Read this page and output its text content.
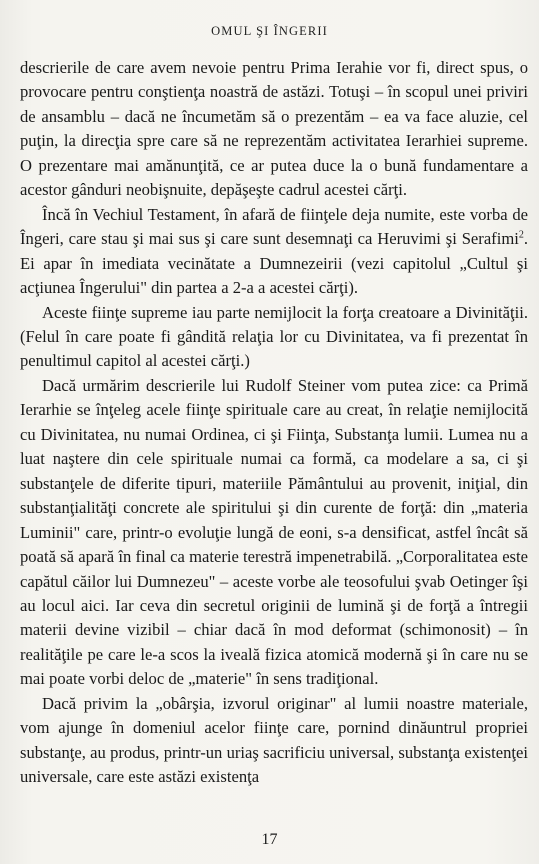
OMUL ŞI ÎNGERII

descrierile de care avem nevoie pentru Prima Ierahie vor fi, direct spus, o provocare pentru conştienţa noastră de astăzi. Totuşi – în scopul unei priviri de ansamblu – dacă ne încumetăm să o prezentăm – ea va face aluzie, cel puţin, la direcţia spre care să ne reprezentăm activitatea Ierarhiei supreme. O prezentare mai amănunţită, ce ar putea duce la o bună fundamentare a acestor gânduri neobişnuite, depăşeşte cadrul acestei cărţi.

Încă în Vechiul Testament, în afară de fiinţele deja numite, este vorba de Îngeri, care stau şi mai sus şi care sunt desemnaţi ca Heruvimi şi Serafimi$^2$. Ei apar în imediata vecinătate a Dumnezeirii (vezi capitolul „Cultul şi acţiunea Îngerului" din partea a 2-a a acestei cărţi).

Aceste fiinţe supreme iau parte nemijlocit la forţa creatoare a Divinităţii. (Felul în care poate fi gândită relaţia lor cu Divinitatea, va fi prezentat în penultimul capitol al acestei cărţi.)

Dacă urmărim descrierile lui Rudolf Steiner vom putea zice: ca Primă Ierarhie se înţeleg acele fiinţe spirituale care au creat, în relaţie nemijlocită cu Divinitatea, nu numai Ordinea, ci şi Fiinţa, Substanţa lumii. Lumea nu a luat naştere din cele spirituale numai ca formă, ca modelare a sa, ci şi substanţele de diferite tipuri, materiile Pământului au provenit, iniţial, din substanţialităţi concrete ale spiritului şi din curente de forţă: din „materia Luminii" care, printr-o evoluţie lungă de eoni, s-a densificat, astfel încât să poată să apară în final ca materie terestră impenetrabilă. „Corporalitatea este capătul căilor lui Dumnezeu" – aceste vorbe ale teosofului şvab Oetinger îşi au locul aici. Iar ceva din secretul originii de lumină şi de forţă a întregii materii devine vizibil – chiar dacă în mod deformat (schimonosit) – în realităţile pe care le-a scos la iveală fizica atomică modernă şi în care nu se mai poate vorbi deloc de „materie" în sens tradiţional.

Dacă privim la „obârşia, izvorul originar" al lumii noastre materiale, vom ajunge în domeniul acelor fiinţe care, pornind dinăuntrul propriei substanţe, au produs, printr-un uriaş sacrificiu universal, substanţa existenţei universale, care este astăzi existenţa

17
